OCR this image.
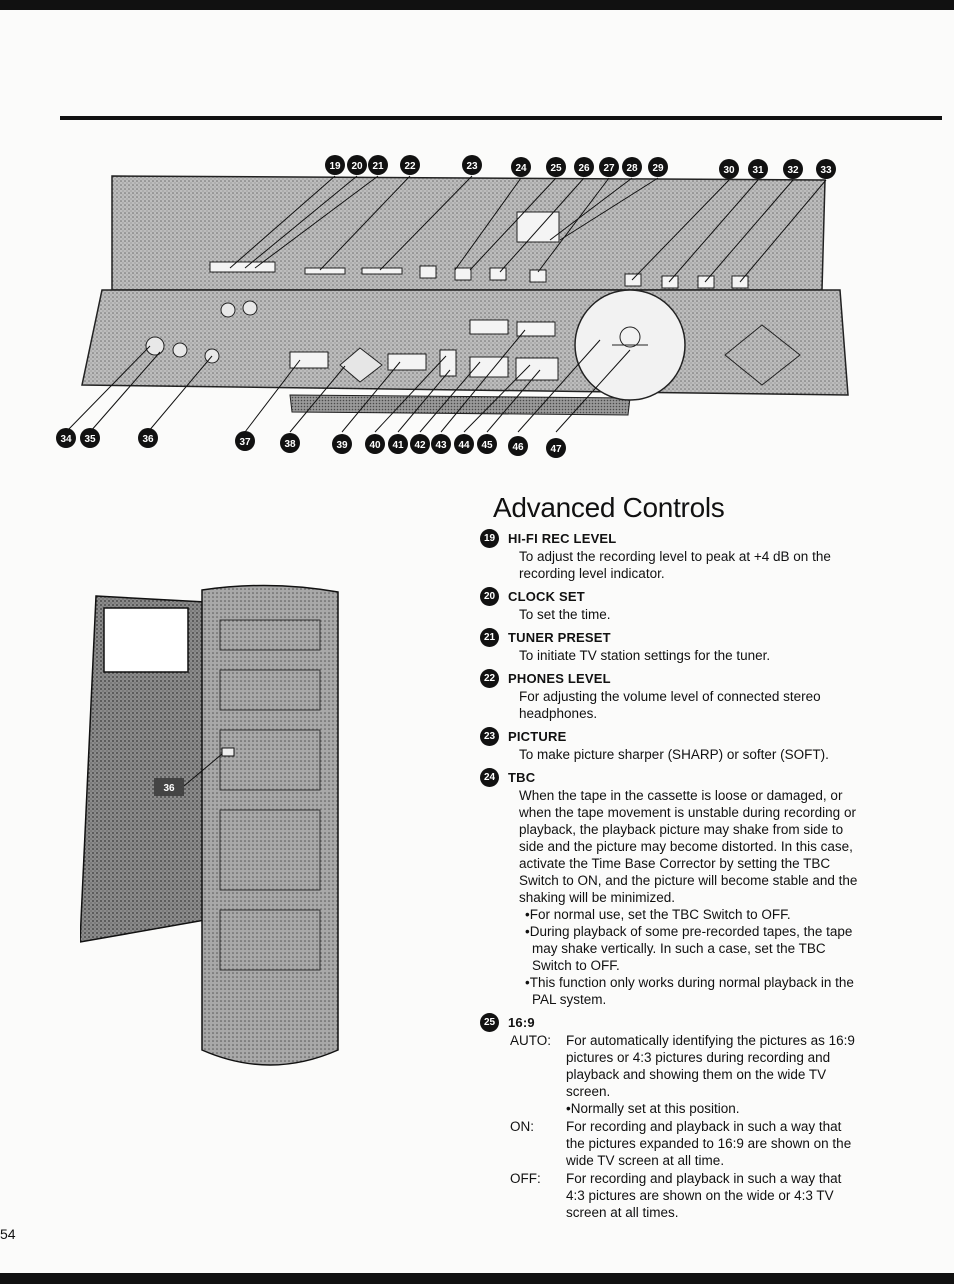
19 20 21 22	23	24 25 26 27 28 29	30 31 32 33
34 35	36	37	38	39 40 41 42 43 44 45 46	47
36
Advanced Controls
19 HI-FI REC LEVEL
To adjust the recording level to peak at +4 dB on the recording level indicator.
20 CLOCK SET
To set the time.
21 TUNER PRESET
To initiate TV station settings for the tuner.
22 PHONES LEVEL
For adjusting the volume level of connected stereo headphones.
23 PICTURE
To make picture sharper (SHARP) or softer (SOFT).
24 TBC
When the tape in the cassette is loose or damaged, or when the tape movement is unstable during recording or playback, the playback picture may shake from side to side and the picture may become distorted. In this case, activate the Time Base Corrector by setting the TBC Switch to ON, and the picture will become stable and the shaking will be minimized.
•For normal use, set the TBC Switch to OFF.
•During playback of some pre-recorded tapes, the tape may shake vertically. In such a case, set the TBC Switch to OFF.
•This function only works during normal playback in the PAL system.
25 16:9
AUTO:	For automatically identifying the pictures as 16:9 pictures or 4:3 pictures during recording and playback and showing them on the wide TV screen.
•Normally set at this position.
ON:	For recording and playback in such a way that the pictures expanded to 16:9 are shown on the wide TV screen at all time.
OFF:	For recording and playback in such a way that 4:3 pictures are shown on the wide or 4:3 TV screen at all times.
54
